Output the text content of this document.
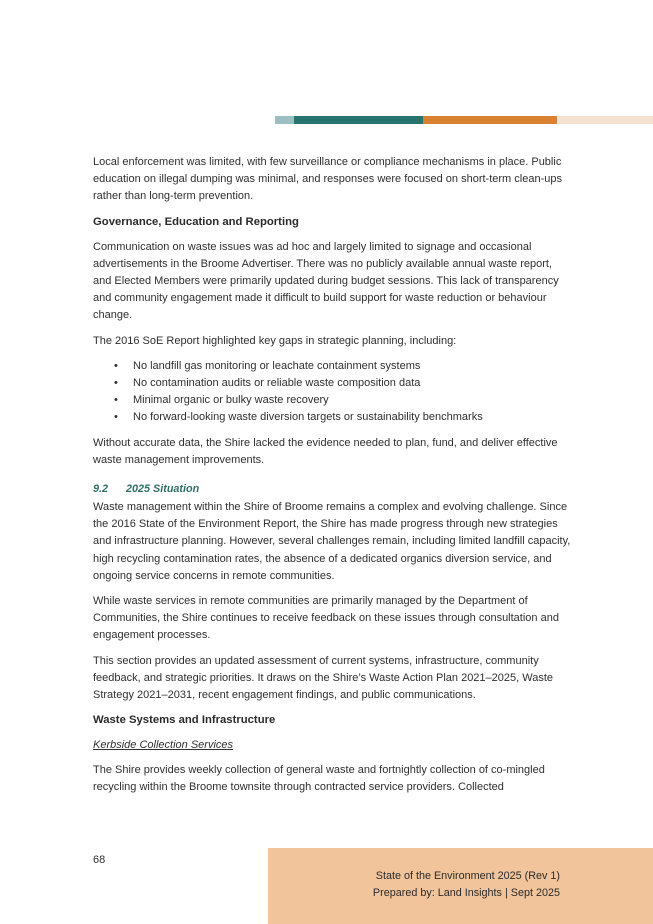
Local enforcement was limited, with few surveillance or compliance mechanisms in place. Public education on illegal dumping was minimal, and responses were focused on short-term clean-ups rather than long-term prevention.

Governance, Education and Reporting

Communication on waste issues was ad hoc and largely limited to signage and occasional advertisements in the Broome Advertiser. There was no publicly available annual waste report, and Elected Members were primarily updated during budget sessions. This lack of transparency and community engagement made it difficult to build support for waste reduction or behaviour change.

The 2016 SoE Report highlighted key gaps in strategic planning, including:

• No landfill gas monitoring or leachate containment systems
• No contamination audits or reliable waste composition data
• Minimal organic or bulky waste recovery
• No forward-looking waste diversion targets or sustainability benchmarks

Without accurate data, the Shire lacked the evidence needed to plan, fund, and deliver effective waste management improvements.

9.2 2025 Situation

Waste management within the Shire of Broome remains a complex and evolving challenge. Since the 2016 State of the Environment Report, the Shire has made progress through new strategies and infrastructure planning. However, several challenges remain, including limited landfill capacity, high recycling contamination rates, the absence of a dedicated organics diversion service, and ongoing service concerns in remote communities.

While waste services in remote communities are primarily managed by the Department of Communities, the Shire continues to receive feedback on these issues through consultation and engagement processes.

This section provides an updated assessment of current systems, infrastructure, community feedback, and strategic priorities. It draws on the Shire’s Waste Action Plan 2021–2025, Waste Strategy 2021–2031, recent engagement findings, and public communications.

Waste Systems and Infrastructure
Kerbside Collection Services

The Shire provides weekly collection of general waste and fortnightly collection of co-mingled recycling within the Broome townsite through contracted service providers. Collected

68
State of the Environment 2025 (Rev 1)
Prepared by: Land Insights | Sept 2025
